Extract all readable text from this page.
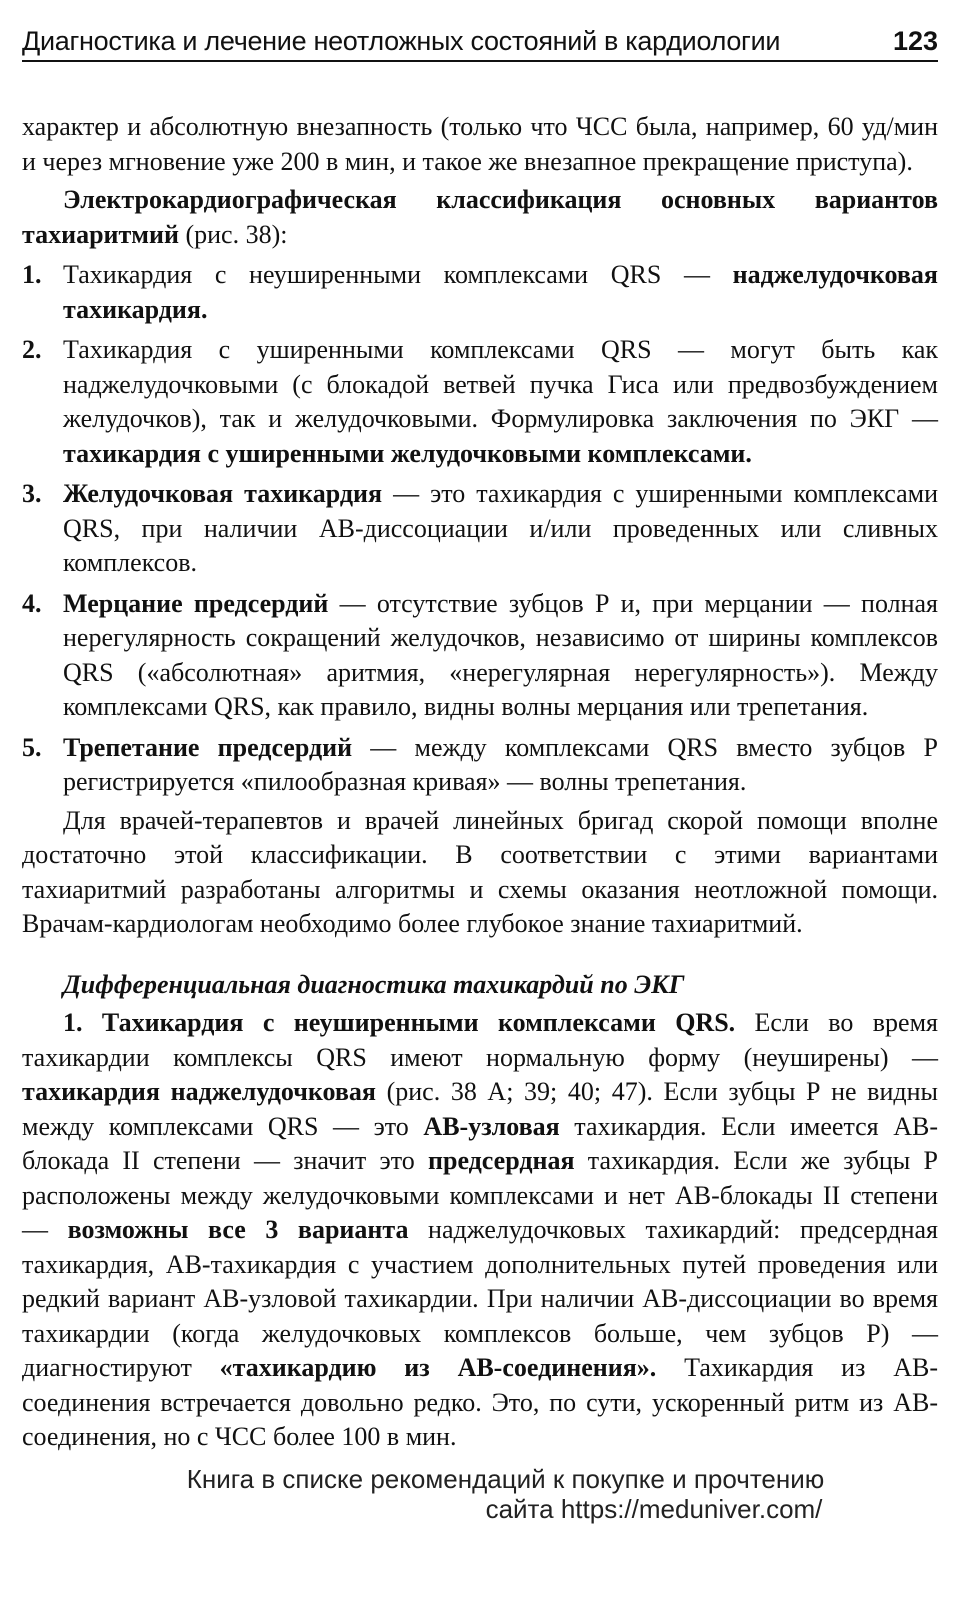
Диагностика и лечение неотложных состояний в кардиологии	123

характер и абсолютную внезапность (только что ЧСС была, например, 60 уд/мин и через мгновение уже 200 в мин, и такое же внезапное прекращение приступа).

Электрокардиографическая классификация основных вариантов тахиаритмий (рис. 38):

1. Тахикардия с неуширенными комплексами QRS — наджелудочковая тахикардия.
2. Тахикардия с уширенными комплексами QRS — могут быть как наджелудочковыми (с блокадой ветвей пучка Гиса или предвозбуждением желудочков), так и желудочковыми. Формулировка заключения по ЭКГ — тахикардия с уширенными желудочковыми комплексами.
3. Желудочковая тахикардия — это тахикардия с уширенными комплексами QRS, при наличии АВ-диссоциации и/или проведенных или сливных комплексов.
4. Мерцание предсердий — отсутствие зубцов Р и, при мерцании — полная нерегулярность сокращений желудочков, независимо от ширины комплексов QRS («абсолютная» аритмия, «нерегулярная нерегулярность»). Между комплексами QRS, как правило, видны волны мерцания или трепетания.
5. Трепетание предсердий — между комплексами QRS вместо зубцов Р регистрируется «пилообразная кривая» — волны трепетания.

Для врачей-терапевтов и врачей линейных бригад скорой помощи вполне достаточно этой классификации. В соответствии с этими вариантами тахиаритмий разработаны алгоритмы и схемы оказания неотложной помощи. Врачам-кардиологам необходимо более глубокое знание тахиаритмий.

Дифференциальная диагностика тахикардий по ЭКГ

1. Тахикардия с неуширенными комплексами QRS. Если во время тахикардии комплексы QRS имеют нормальную форму (неуширены) — тахикардия наджелудочковая (рис. 38 А; 39; 40; 47). Если зубцы Р не видны между комплексами QRS — это АВ-узловая тахикардия. Если имеется АВ-блокада II степени — значит это предсердная тахикардия. Если же зубцы Р расположены между желудочковыми комплексами и нет АВ-блокады II степени — возможны все 3 варианта наджелудочковых тахикардий: предсердная тахикардия, АВ-тахикардия с участием дополнительных путей проведения или редкий вариант АВ-узловой тахикардии. При наличии АВ-диссоциации во время тахикардии (когда желудочковых комплексов больше, чем зубцов Р) — диагностируют «тахикардию из АВ-соединения». Тахикардия из АВ-соединения встречается довольно редко. Это, по сути, ускоренный ритм из АВ-соединения, но с ЧСС более 100 в мин.

Книга в списке рекомендаций к покупке и прочтению
сайта https://meduniver.com/
